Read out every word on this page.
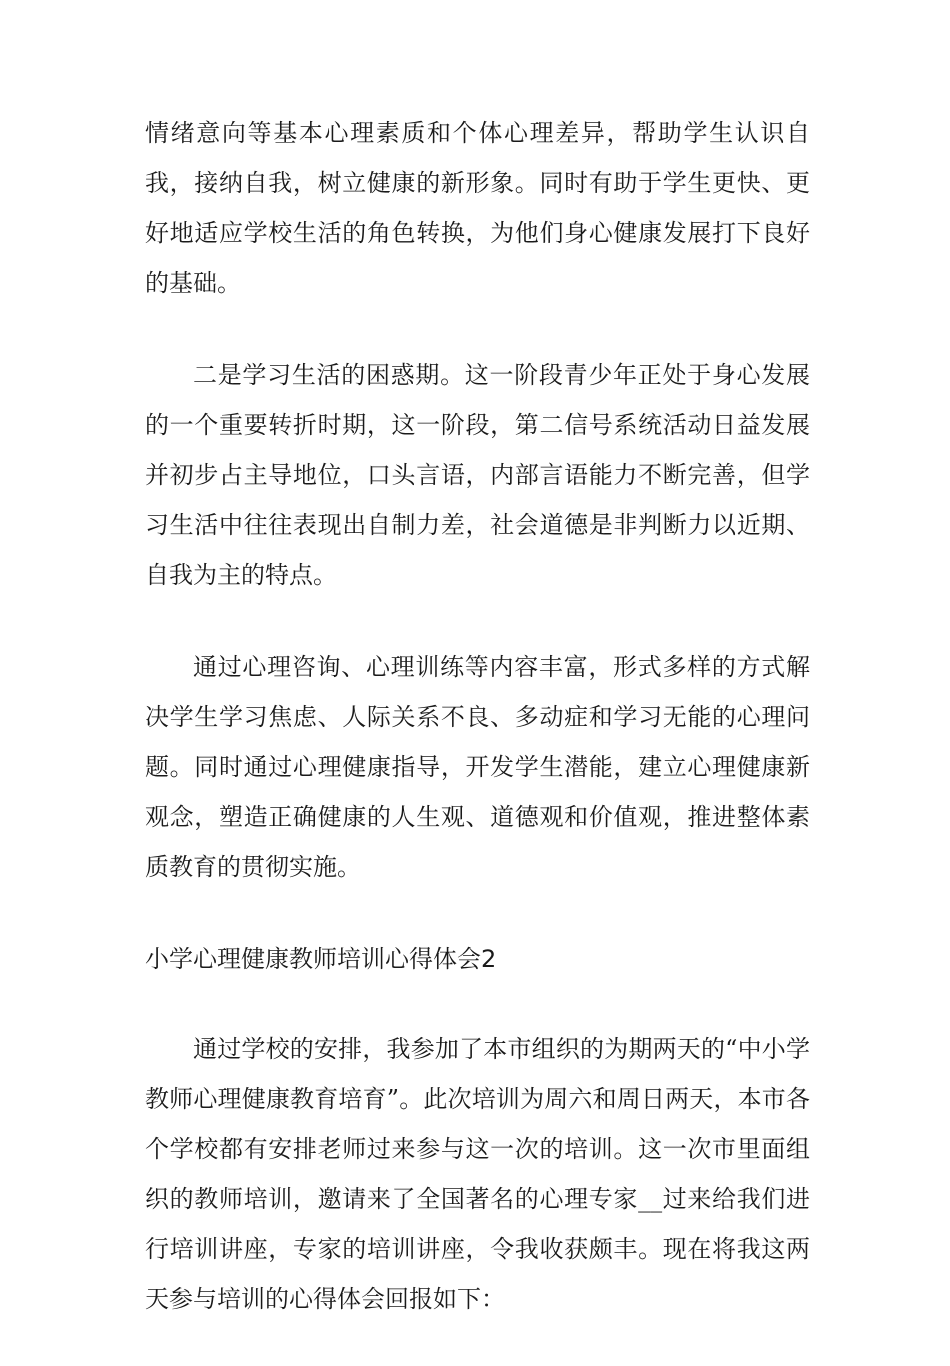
情绪意向等基本心理素质和个体心理差异，帮助学生认识自我，接纳自我，树立健康的新形象。同时有助于学生更快、更好地适应学校生活的角色转换，为他们身心健康发展打下良好的基础。

二是学习生活的困惑期。这一阶段青少年正处于身心发展的一个重要转折时期，这一阶段，第二信号系统活动日益发展并初步占主导地位，口头言语，内部言语能力不断完善，但学习生活中往往表现出自制力差，社会道德是非判断力以近期、自我为主的特点。

通过心理咨询、心理训练等内容丰富，形式多样的方式解决学生学习焦虑、人际关系不良、多动症和学习无能的心理问题。同时通过心理健康指导，开发学生潜能，建立心理健康新观念，塑造正确健康的人生观、道德观和价值观，推进整体素质教育的贯彻实施。

小学心理健康教师培训心得体会2

通过学校的安排，我参加了本市组织的为期两天的“中小学教师心理健康教育培育”。此次培训为周六和周日两天，本市各个学校都有安排老师过来参与这一次的培训。这一次市里面组织的教师培训，邀请来了全国著名的心理专家__过来给我们进行培训讲座，专家的培训讲座，令我收获颇丰。现在将我这两天参与培训的心得体会回报如下：
